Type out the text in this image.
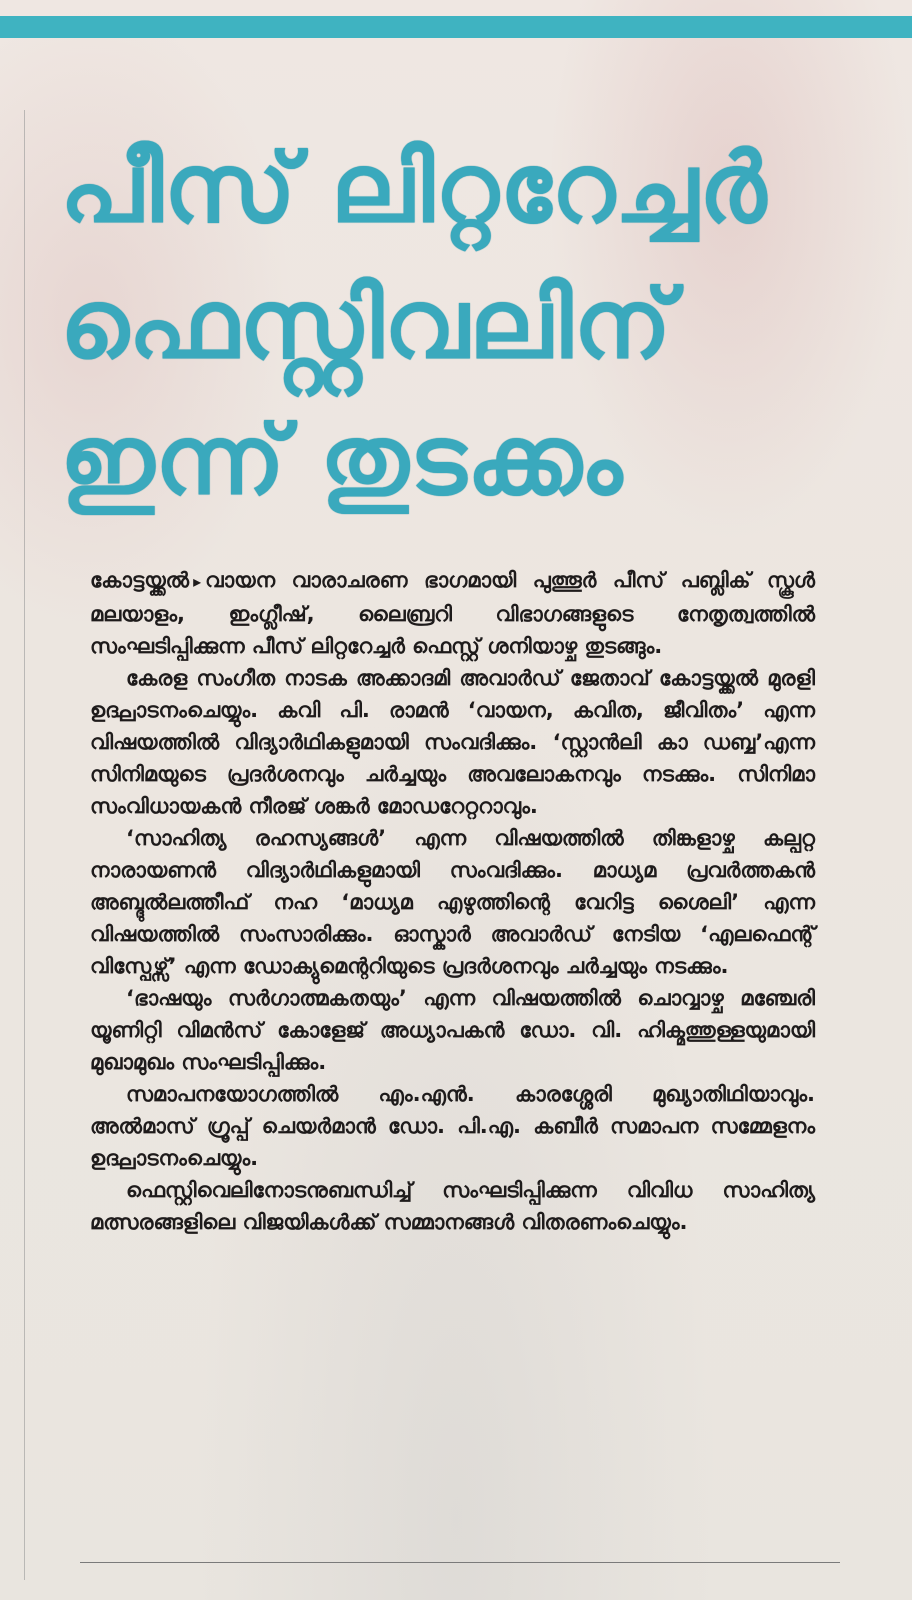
പീസ് ലിറ്ററേച്ചർ
ഫെസ്റ്റിവലിന്
ഇന്ന് തുടക്കം

കോട്ടയ്ക്കൽ ▸ വായന വാരാചരണ ഭാഗമായി പുത്തൂർ പീസ് പബ്ലിക് സ്കൂൾ മലയാളം, ഇംഗ്ലീഷ്, ലൈബ്രറി വിഭാഗങ്ങളുടെ നേതൃത്വത്തിൽ സംഘടിപ്പിക്കുന്ന പീസ് ലിറ്ററേച്ചർ ഫെസ്റ്റ് ശനിയാഴ്ച തുടങ്ങും.

കേരള സംഗീത നാടക അക്കാദമി അവാർഡ് ജേതാവ് കോട്ടയ്ക്കൽ മുരളി ഉദ്ഘാടനംചെയ്യും. കവി പി. രാമൻ ‘വായന, കവിത, ജീവിതം’ എന്ന വിഷയത്തിൽ വിദ്യാർഥികളുമായി സംവദിക്കും. ‘സ്റ്റാൻലി കാ ഡബ്ബ’എന്ന സിനിമയുടെ പ്രദർശനവും ചർച്ചയും അവലോകനവും നടക്കും. സിനിമാ സംവിധായകൻ നീരജ് ശങ്കർ മോഡറേറ്ററാവും.

‘സാഹിത്യ രഹസ്യങ്ങൾ’ എന്ന വിഷയത്തിൽ തിങ്കളാഴ്ച കല്പറ്റ നാരായണൻ വിദ്യാർഥികളുമായി സംവദിക്കും. മാധ്യമ പ്രവർത്തകൻ അബ്ദുൽലത്തീഫ് നഹ ‘മാധ്യമ എഴുത്തിന്റെ വേറിട്ട ശൈലി’ എന്ന വിഷയത്തിൽ സംസാരിക്കും. ഓസ്കാർ അവാർഡ് നേടിയ ‘എലഫെന്റ് വിസ്പേഴ്സ്’ എന്ന ഡോക്യുമെന്ററിയുടെ പ്രദർശനവും ചർച്ചയും നടക്കും.

‘ഭാഷയും സർഗാത്മകതയും’ എന്ന വിഷയത്തിൽ ചൊവ്വാഴ്ച മഞ്ചേരി യൂണിറ്റി വിമൻസ് കോളേജ് അധ്യാപകൻ ഡോ. വി. ഹിക്മത്തുള്ളയുമായി മുഖാമുഖം സംഘടിപ്പിക്കും.

സമാപനയോഗത്തിൽ എം.എൻ. കാരശ്ശേരി മുഖ്യാതിഥിയാവും. അൽമാസ് ഗ്രൂപ്പ് ചെയർമാൻ ഡോ. പി.എ. കബീർ സമാപന സമ്മേളനം ഉദ്ഘാടനംചെയ്യും.

ഫെസ്റ്റിവെലിനോടനുബന്ധിച്ച് സംഘടിപ്പിക്കുന്ന വിവിധ സാഹിത്യ മത്സരങ്ങളിലെ വിജയികൾക്ക് സമ്മാനങ്ങൾ വിതരണംചെയ്യും.
